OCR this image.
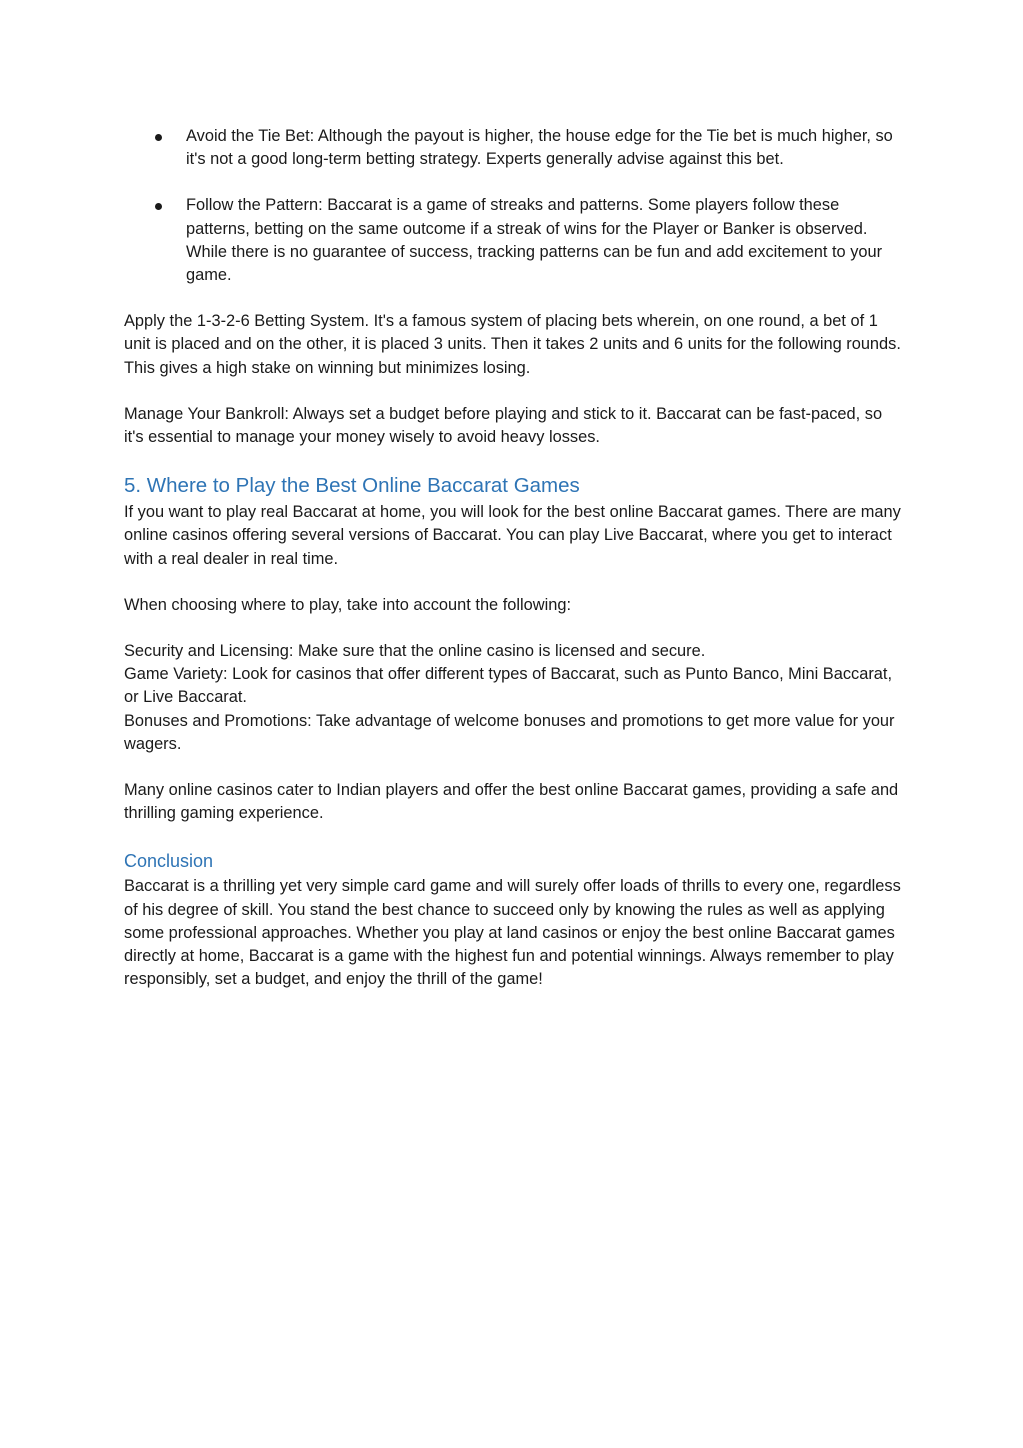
Avoid the Tie Bet: Although the payout is higher, the house edge for the Tie bet is much higher, so it's not a good long-term betting strategy. Experts generally advise against this bet.
Follow the Pattern: Baccarat is a game of streaks and patterns. Some players follow these patterns, betting on the same outcome if a streak of wins for the Player or Banker is observed. While there is no guarantee of success, tracking patterns can be fun and add excitement to your game.

Apply the 1-3-2-6 Betting System. It's a famous system of placing bets wherein, on one round, a bet of 1 unit is placed and on the other, it is placed 3 units. Then it takes 2 units and 6 units for the following rounds. This gives a high stake on winning but minimizes losing.

Manage Your Bankroll: Always set a budget before playing and stick to it. Baccarat can be fast-paced, so it's essential to manage your money wisely to avoid heavy losses.

5. Where to Play the Best Online Baccarat Games

If you want to play real Baccarat at home, you will look for the best online Baccarat games. There are many online casinos offering several versions of Baccarat. You can play Live Baccarat, where you get to interact with a real dealer in real time.

When choosing where to play, take into account the following:

Security and Licensing: Make sure that the online casino is licensed and secure.

Game Variety: Look for casinos that offer different types of Baccarat, such as Punto Banco, Mini Baccarat, or Live Baccarat.

Bonuses and Promotions: Take advantage of welcome bonuses and promotions to get more value for your wagers.

Many online casinos cater to Indian players and offer the best online Baccarat games, providing a safe and thrilling gaming experience.

Conclusion

Baccarat is a thrilling yet very simple card game and will surely offer loads of thrills to every one, regardless of his degree of skill. You stand the best chance to succeed only by knowing the rules as well as applying some professional approaches. Whether you play at land casinos or enjoy the best online Baccarat games directly at home, Baccarat is a game with the highest fun and potential winnings. Always remember to play responsibly, set a budget, and enjoy the thrill of the game!
